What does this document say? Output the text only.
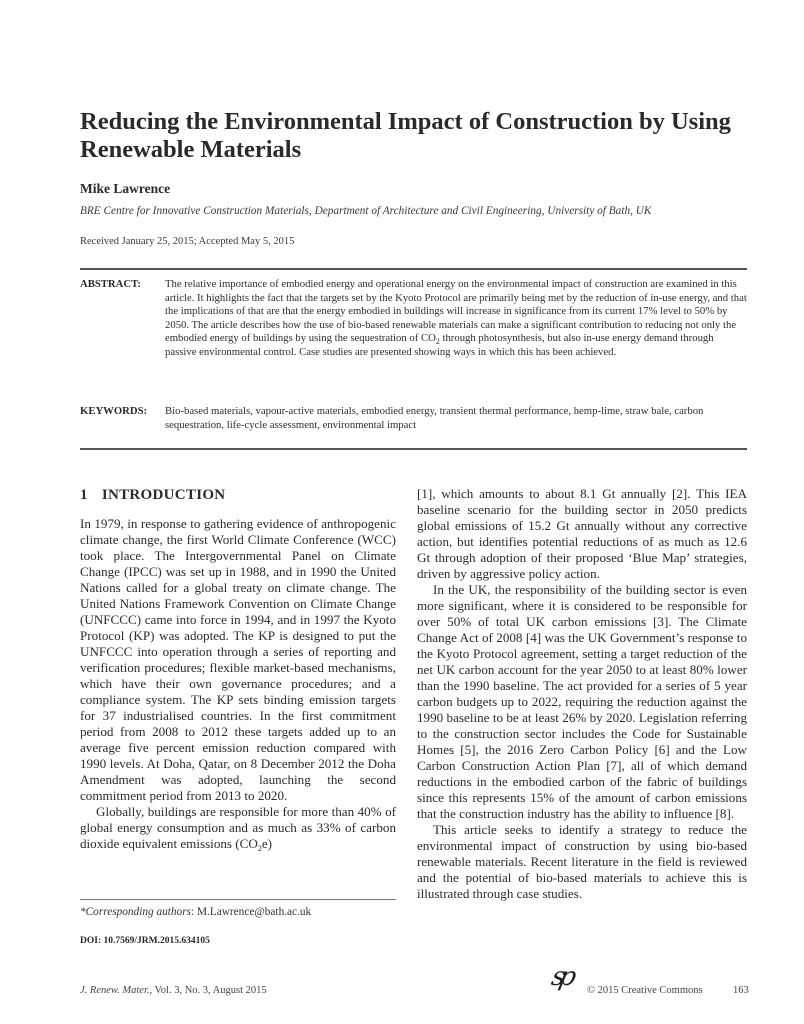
Reducing the Environmental Impact of Construction by Using Renewable Materials
Mike Lawrence
BRE Centre for Innovative Construction Materials, Department of Architecture and Civil Engineering, University of Bath, UK
Received January 25, 2015; Accepted May 5, 2015
ABSTRACT:	The relative importance of embodied energy and operational energy on the environmental impact of construction are examined in this article. It highlights the fact that the targets set by the Kyoto Protocol are primarily being met by the reduction of in-use energy, and that the implications of that are that the energy embodied in buildings will increase in significance from its current 17% level to 50% by 2050. The article describes how the use of bio-based renewable materials can make a significant contribution to reducing not only the embodied energy of buildings by using the sequestration of $CO_2$ through photosynthesis, but also in-use energy demand through passive environmental control. Case studies are presented showing ways in which this has been achieved.
KEYWORDS:	Bio-based materials, vapour-active materials, embodied energy, transient thermal performance, hemp-lime, straw bale, carbon sequestration, life-cycle assessment, environmental impact
1 INTRODUCTION

In 1979, in response to gathering evidence of anthropogenic climate change, the first World Climate Conference (WCC) took place. The Intergovernmental Panel on Climate Change (IPCC) was set up in 1988, and in 1990 the United Nations called for a global treaty on climate change. The United Nations Framework Convention on Climate Change (UNFCCC) came into force in 1994, and in 1997 the Kyoto Protocol (KP) was adopted. The KP is designed to put the UNFCCC into operation through a series of reporting and verification procedures; flexible market-based mechanisms, which have their own governance procedures; and a compliance system. The KP sets binding emission targets for 37 industrialised countries. In the first commitment period from 2008 to 2012 these targets added up to an average five percent emission reduction compared with 1990 levels. At Doha, Qatar, on 8 December 2012 the Doha Amendment was adopted, launching the second commitment period from 2013 to 2020.

Globally, buildings are responsible for more than 40% of global energy consumption and as much as 33% of carbon dioxide equivalent emissions $(CO_2e)$

[1], which amounts to about 8.1 Gt annually [2]. This IEA baseline scenario for the building sector in 2050 predicts global emissions of 15.2 Gt annually without any corrective action, but identifies potential reductions of as much as 12.6 Gt through adoption of their proposed ‘Blue Map’ strategies, driven by aggressive policy action.

In the UK, the responsibility of the building sector is even more significant, where it is considered to be responsible for over 50% of total UK carbon emissions [3]. The Climate Change Act of 2008 [4] was the UK Government’s response to the Kyoto Protocol agreement, setting a target reduction of the net UK carbon account for the year 2050 to at least 80% lower than the 1990 baseline. The act provided for a series of 5 year carbon budgets up to 2022, requiring the reduction against the 1990 baseline to be at least 26% by 2020. Legislation referring to the construction sector includes the Code for Sustainable Homes [5], the 2016 Zero Carbon Policy [6] and the Low Carbon Construction Action Plan [7], all of which demand reductions in the embodied carbon of the fabric of buildings since this represents 15% of the amount of carbon emissions that the construction industry has the ability to influence [8].

This article seeks to identify a strategy to reduce the environmental impact of construction by using bio-based renewable materials. Recent literature in the field is reviewed and the potential of bio-based materials to achieve this is illustrated through case studies.

*Corresponding authors: M.Lawrence@bath.ac.uk
DOI: 10.7569/JRM.2015.634105
J. Renew. Mater., Vol. 3, No. 3, August 2015	sp © 2015 Creative Commons	163
